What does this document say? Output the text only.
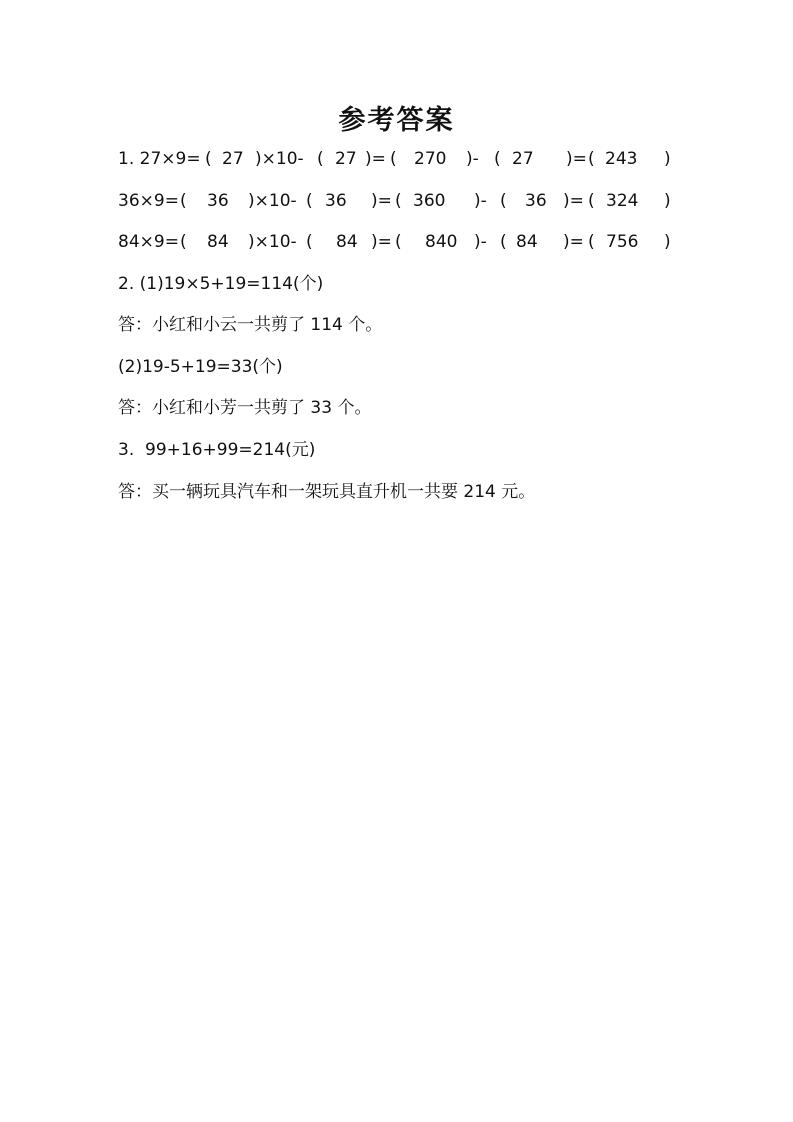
参考答案
1. 27×9= ( 27 )×10- ( 27 )= ( 270 )- ( 27 )= ( 243 )
36×9= ( 36 )×10- ( 36 )= ( 360 )- ( 36 )= ( 324 )
84×9= ( 84 )×10- ( 84 )= ( 840 )- ( 84 )= ( 756 )
2. (1)19×5+19=114(个)
答：小红和小云一共剪了 114 个。
(2)19-5+19=33(个)
答：小红和小芳一共剪了 33 个。
3.  99+16+99=214(元)
答：买一辆玩具汽车和一架玩具直升机一共要 214 元。
